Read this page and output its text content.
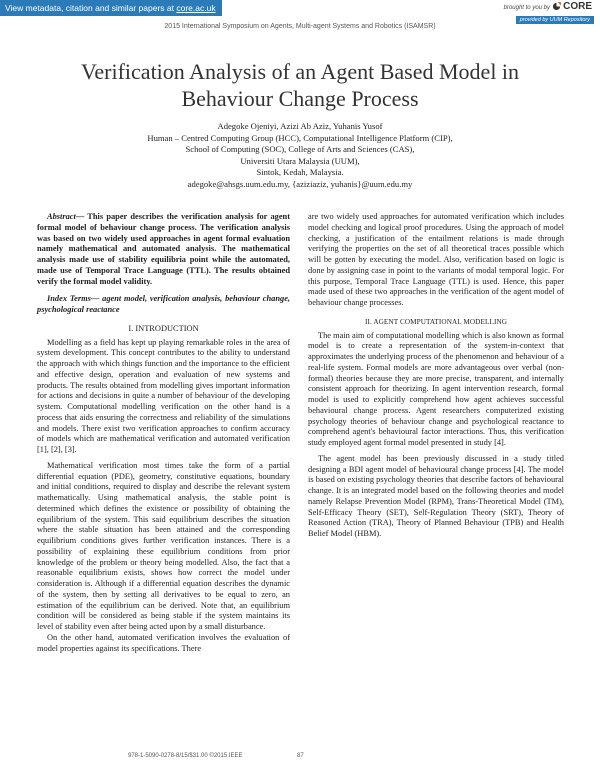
View metadata, citation and similar papers at core.ac.uk	brought to you by CORE
provided by UUM Repository
2015 International Symposium on Agents, Multi-agent Systems and Robotics (ISAMSR)
Verification Analysis of an Agent Based Model in
Behaviour Change Process
Adegoke Ojeniyi, Azizi Ab Aziz, Yuhanis Yusof
Human – Centred Computing Group (HCC), Computational Intelligence Platform (CIP),
School of Computing (SOC), College of Arts and Sciences (CAS),
Universiti Utara Malaysia (UUM),
Sintok, Kedah, Malaysia.
adegoke@ahsgs.uum.edu.my, {aziziaziz, yuhanis}@uum.edu.my

Abstract— This paper describes the verification analysis for agent formal model of behaviour change process. The verification analysis was based on two widely used approaches in agent formal evaluation namely mathematical and automated analysis. The mathematical analysis made use of stability equilibria point while the automated, made use of Temporal Trace Language (TTL). The results obtained verify the formal model validity.

Index Terms— agent model, verification analysis, behaviour change, psychological reactance

I. INTRODUCTION

Modelling as a field has kept up playing remarkable roles in the area of system development. This concept contributes to the ability to understand the approach with which things function and the importance to the efficient and effective design, operation and evaluation of new systems and products. The results obtained from modelling gives important information for actions and decisions in quite a number of behaviour of the developing system. Computational modelling verification on the other hand is a process that aids ensuring the correctness and reliability of the simulations and models. There exist two verification approaches to confirm accuracy of models which are mathematical verification and automated verification [1], [2], [3].

Mathematical verification most times take the form of a partial differential equation (PDE), geometry, constitutive equations, boundary and initial conditions, required to display and describe the relevant system mathematically. Using mathematical analysis, the stable point is determined which defines the existence or possibility of obtaining the equilibrium of the system. This said equilibrium describes the situation where the stable situation has been attained and the corresponding equilibrium conditions gives further verification instances. There is a possibility of explaining these equilibrium conditions from prior knowledge of the problem or theory being modelled. Also, the fact that a reasonable equilibrium exists, shows how correct the model under consideration is. Although if a differential equation describes the dynamic of the system, then by setting all derivatives to be equal to zero, an estimation of the equilibrium can be derived. Note that, an equilibrium condition will be considered as being stable if the system maintains its level of stability even after being acted upon by a small disturbance.

On the other hand, automated verification involves the evaluation of model properties against its specifications. There

are two widely used approaches for automated verification which includes model checking and logical proof procedures. Using the approach of model checking, a justification of the entailment relations is made through verifying the properties on the set of all theoretical traces possible which will be gotten by executing the model. Also, verification based on logic is done by assigning case in point to the variants of modal temporal logic. For this purpose, Temporal Trace Language (TTL) is used. Hence, this paper made used of these two approaches in the verification of the agent model of behaviour change processes.

II. AGENT COMPUTATIONAL MODELLING

The main aim of computational modelling which is also known as formal model is to create a representation of the system-in-context that approximates the underlying process of the phenomenon and behaviour of a real-life system. Formal models are more advantageous over verbal (non-formal) theories because they are more precise, transparent, and internally consistent approach for theorizing. In agent intervention research, formal model is used to explicitly comprehend how agent achieves successful behavioural change process. Agent researchers computerized existing psychology theories of behaviour change and psychological reactance to comprehend agent's behavioural factor interactions. Thus, this verification study employed agent formal model presented in study [4].

The agent model has been previously discussed in a study titled designing a BDI agent model of behavioural change process [4]. The model is based on existing psychology theories that describe factors of behavioural change. It is an integrated model based on the following theories and model namely Relapse Prevention Model (RPM), Trans-Theoretical Model (TM), Self-Efficacy Theory (SET), Self-Regulation Theory (SRT), Theory of Reasoned Action (TRA), Theory of Planned Behaviour (TPB) and Health Belief Model (HBM).

978-1-5090-0278-8/15/$31.00 ©2015 IEEE	87
